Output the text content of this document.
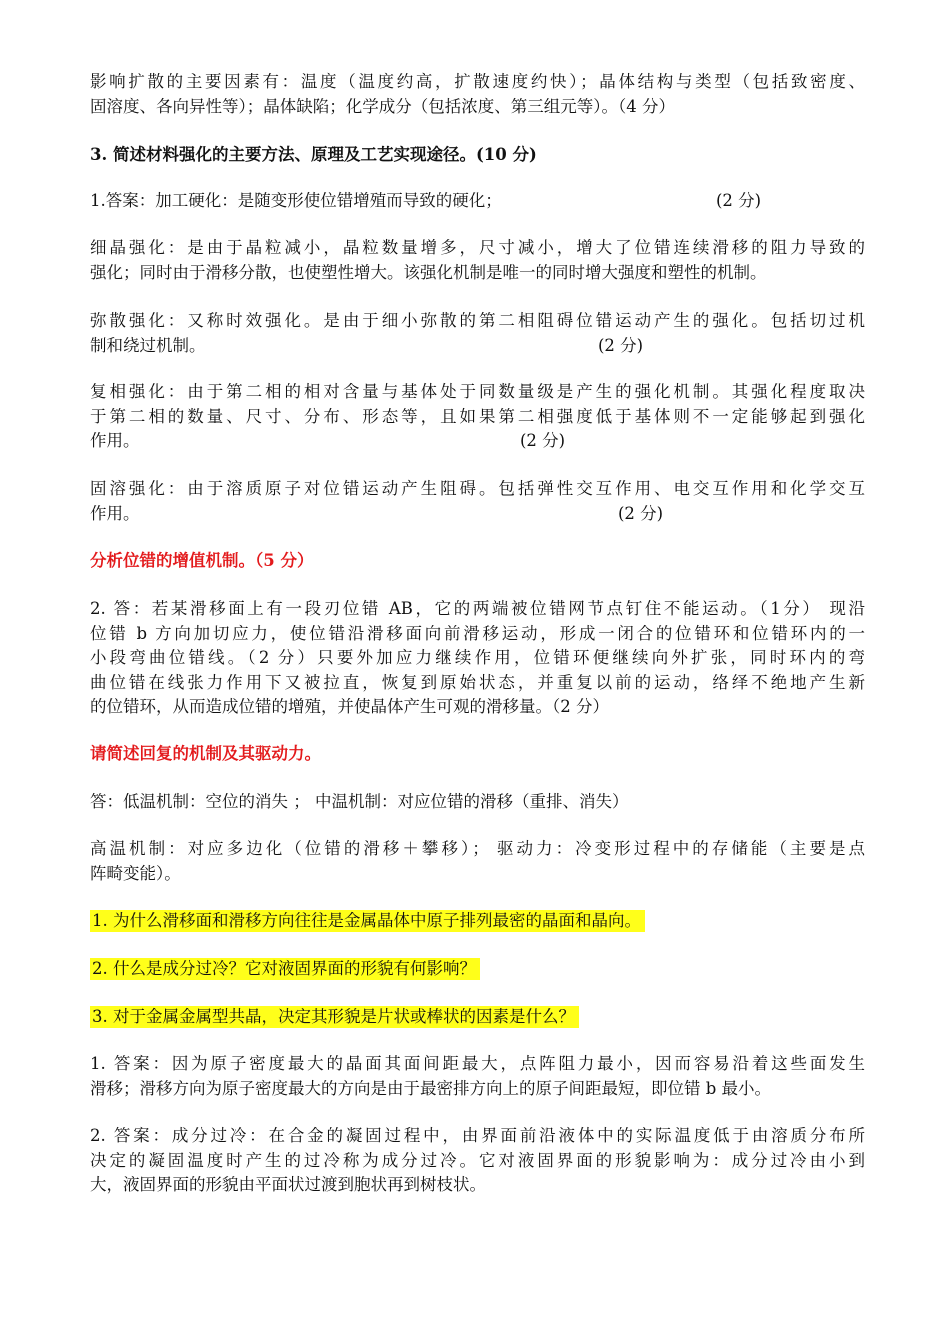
影响扩散的主要因素有：温度（温度约高，扩散速度约快）；晶体结构与类型（包括致密度、
固溶度、各向异性等）；晶体缺陷；化学成分（包括浓度、第三组元等）。（4 分）
3. 简述材料强化的主要方法、原理及工艺实现途径。(10 分)
1.答案：加工硬化：是随变形使位错增殖而导致的硬化；	(2 分)
细晶强化：是由于晶粒减小，晶粒数量增多，尺寸减小，增大了位错连续滑移的阻力导致的
强化；同时由于滑移分散，也使塑性增大。该强化机制是唯一的同时增大强度和塑性的机制。
弥散强化：又称时效强化。是由于细小弥散的第二相阻碍位错运动产生的强化。包括切过机
制和绕过机制。	(2 分)
复相强化：由于第二相的相对含量与基体处于同数量级是产生的强化机制。其强化程度取决
于第二相的数量、尺寸、分布、形态等，且如果第二相强度低于基体则不一定能够起到强化
作用。	(2 分)
固溶强化：由于溶质原子对位错运动产生阻碍。包括弹性交互作用、电交互作用和化学交互
作用。	(2 分)
分析位错的增值机制。（5 分）
2. 答：若某滑移面上有一段刃位错 AB，它的两端被位错网节点钉住不能运动。（1分） 现沿
位错 b 方向加切应力，使位错沿滑移面向前滑移运动，形成一闭合的位错环和位错环内的一
小段弯曲位错线。（2 分）只要外加应力继续作用，位错环便继续向外扩张，同时环内的弯
曲位错在线张力作用下又被拉直，恢复到原始状态，并重复以前的运动，络绎不绝地产生新
的位错环，从而造成位错的增殖，并使晶体产生可观的滑移量。（2 分）
请简述回复的机制及其驱动力。
答：低温机制：空位的消失 ； 中温机制：对应位错的滑移（重排、消失）
高温机制：对应多边化（位错的滑移＋攀移）； 驱动力：冷变形过程中的存储能（主要是点
阵畸变能）。
1. 为什么滑移面和滑移方向往往是金属晶体中原子排列最密的晶面和晶向。
2. 什么是成分过冷？它对液固界面的形貌有何影响？
3. 对于金属金属型共晶，决定其形貌是片状或棒状的因素是什么？
1. 答案：因为原子密度最大的晶面其面间距最大，点阵阻力最小，因而容易沿着这些面发生
滑移；滑移方向为原子密度最大的方向是由于最密排方向上的原子间距最短，即位错 b 最小。
2. 答案：成分过冷：在合金的凝固过程中，由界面前沿液体中的实际温度低于由溶质分布所
决定的凝固温度时产生的过冷称为成分过冷。它对液固界面的形貌影响为：成分过冷由小到
大，液固界面的形貌由平面状过渡到胞状再到树枝状。
